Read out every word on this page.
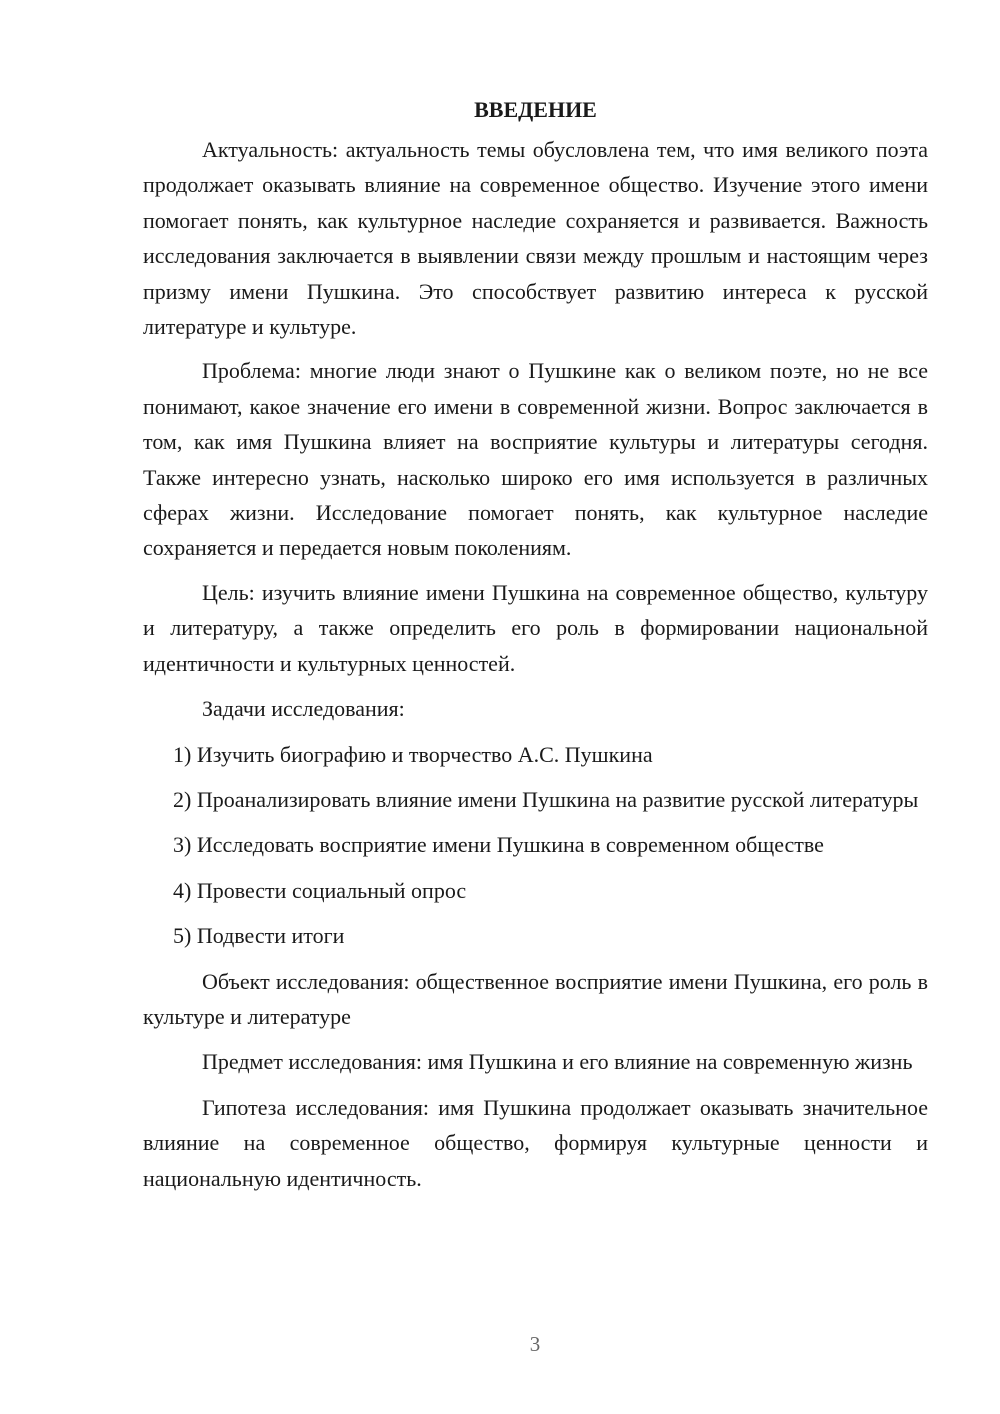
ВВЕДЕНИЕ

Актуальность: актуальность темы обусловлена тем, что имя великого поэта продолжает оказывать влияние на современное общество. Изучение этого имени помогает понять, как культурное наследие сохраняется и развивается. Важность исследования заключается в выявлении связи между прошлым и настоящим через призму имени Пушкина. Это способствует развитию интереса к русской литературе и культуре.

Проблема: многие люди знают о Пушкине как о великом поэте, но не все понимают, какое значение его имени в современной жизни. Вопрос заключается в том, как имя Пушкина влияет на восприятие культуры и литературы сегодня. Также интересно узнать, насколько широко его имя используется в различных сферах жизни. Исследование помогает понять, как культурное наследие сохраняется и передается новым поколениям.

Цель: изучить влияние имени Пушкина на современное общество, культуру и литературу, а также определить его роль в формировании национальной идентичности и культурных ценностей.

Задачи исследования:

1) Изучить биографию и творчество А.С. Пушкина

2) Проанализировать влияние имени Пушкина на развитие русской литературы

3) Исследовать восприятие имени Пушкина в современном обществе

4) Провести социальный опрос

5) Подвести итоги

Объект исследования: общественное восприятие имени Пушкина, его роль в культуре и литературе

Предмет исследования: имя Пушкина и его влияние на современную жизнь

Гипотеза исследования: имя Пушкина продолжает оказывать значительное влияние на современное общество, формируя культурные ценности и национальную идентичность.

3
